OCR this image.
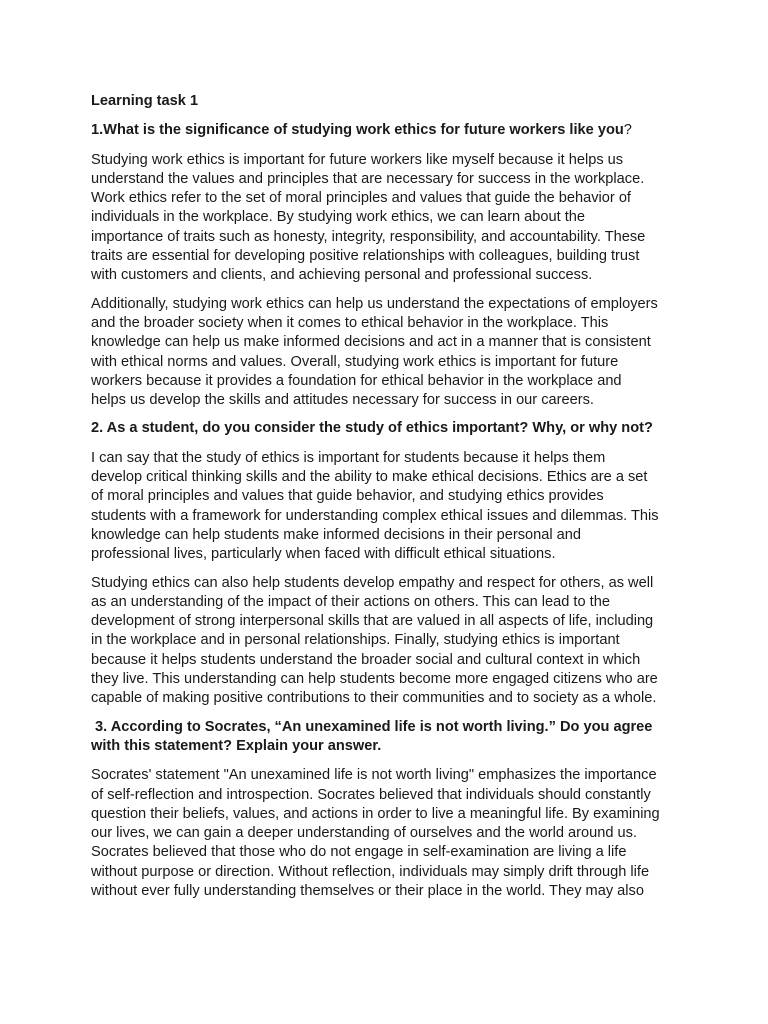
Learning task 1
1.What is the significance of studying work ethics for future workers like you?
Studying work ethics is important for future workers like myself because it helps us
understand the values and principles that are necessary for success in the workplace.
Work ethics refer to the set of moral principles and values that guide the behavior of
individuals in the workplace. By studying work ethics, we can learn about the
importance of traits such as honesty, integrity, responsibility, and accountability. These
traits are essential for developing positive relationships with colleagues, building trust
with customers and clients, and achieving personal and professional success.
Additionally, studying work ethics can help us understand the expectations of employers
and the broader society when it comes to ethical behavior in the workplace. This
knowledge can help us make informed decisions and act in a manner that is consistent
with ethical norms and values. Overall, studying work ethics is important for future
workers because it provides a foundation for ethical behavior in the workplace and
helps us develop the skills and attitudes necessary for success in our careers.
2. As a student, do you consider the study of ethics important? Why, or why not?
I can say that the study of ethics is important for students because it helps them
develop critical thinking skills and the ability to make ethical decisions. Ethics are a set
of moral principles and values that guide behavior, and studying ethics provides
students with a framework for understanding complex ethical issues and dilemmas. This
knowledge can help students make informed decisions in their personal and
professional lives, particularly when faced with difficult ethical situations.
Studying ethics can also help students develop empathy and respect for others, as well
as an understanding of the impact of their actions on others. This can lead to the
development of strong interpersonal skills that are valued in all aspects of life, including
in the workplace and in personal relationships. Finally, studying ethics is important
because it helps students understand the broader social and cultural context in which
they live. This understanding can help students become more engaged citizens who are
capable of making positive contributions to their communities and to society as a whole.
3. According to Socrates, “An unexamined life is not worth living.” Do you agree
with this statement? Explain your answer.
Socrates' statement "An unexamined life is not worth living" emphasizes the importance
of self-reflection and introspection. Socrates believed that individuals should constantly
question their beliefs, values, and actions in order to live a meaningful life. By examining
our lives, we can gain a deeper understanding of ourselves and the world around us.
Socrates believed that those who do not engage in self-examination are living a life
without purpose or direction. Without reflection, individuals may simply drift through life
without ever fully understanding themselves or their place in the world. They may also
